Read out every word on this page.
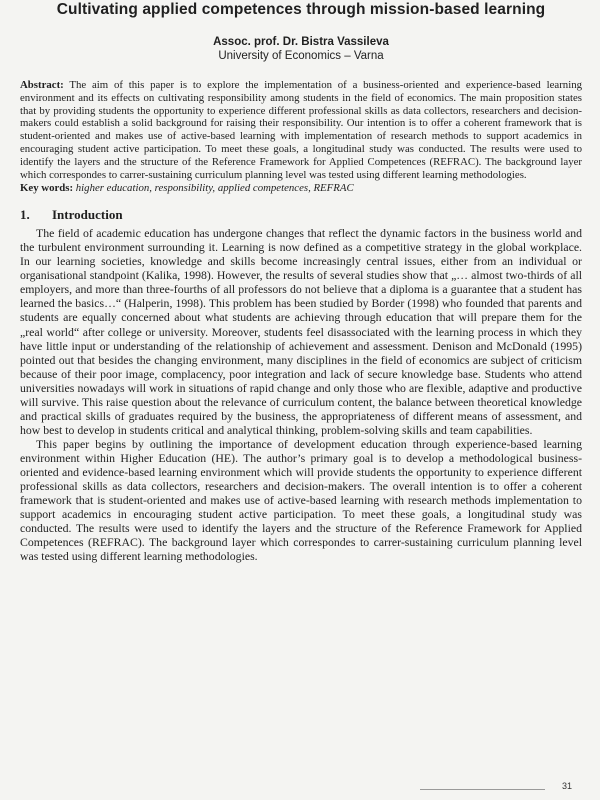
Cultivating applied competences through mission-based learning

Assoc. prof. Dr. Bistra Vassileva

University of Economics – Varna

Abstract: The aim of this paper is to explore the implementation of a business-oriented and experience-based learning environment and its effects on cultivating responsibility among students in the field of economics. The main proposition states that by providing students the opportunity to experience different professional skills as data collectors, researchers and decision-makers could establish a solid background for raising their responsibility. Our intention is to offer a coherent framework that is student-oriented and makes use of active-based learning with implementation of research methods to support academics in encouraging student active participation. To meet these goals, a longitudinal study was conducted. The results were used to identify the layers and the structure of the Reference Framework for Applied Competences (REFRAC). The background layer which correspondes to carrer-sustaining curriculum planning level was tested using different learning methodologies.

Key words: higher education, responsibility, applied competences, REFRAC

1. Introduction

The field of academic education has undergone changes that reflect the dynamic factors in the business world and the turbulent environment surrounding it. Learning is now defined as a competitive strategy in the global workplace. In our learning societies, knowledge and skills become increasingly central issues, either from an individual or organisational standpoint (Kalika, 1998). However, the results of several studies show that „… almost two-thirds of all employers, and more than three-fourths of all professors do not believe that a diploma is a guarantee that a student has learned the basics…“ (Halperin, 1998). This problem has been studied by Border (1998) who founded that parents and students are equally concerned about what students are achieving through education that will prepare them for the „real world“ after college or university. Moreover, students feel disassociated with the learning process in which they have little input or understanding of the relationship of achievement and assessment. Denison and McDonald (1995) pointed out that besides the changing environment, many disciplines in the field of economics are subject of criticism because of their poor image, complacency, poor integration and lack of secure knowledge base. Students who attend universities nowadays will work in situations of rapid change and only those who are flexible, adaptive and productive will survive. This raise question about the relevance of curriculum content, the balance between theoretical knowledge and practical skills of graduates required by the business, the appropriateness of different means of assessment, and how best to develop in students critical and analytical thinking, problem-solving skills and team capabilities.

This paper begins by outlining the importance of development education through experience-based learning environment within Higher Education (HE). The author’s primary goal is to develop a methodological business-oriented and evidence-based learning environment which will provide students the opportunity to experience different professional skills as data collectors, researchers and decision-makers. The overall intention is to offer a coherent framework that is student-oriented and makes use of active-based learning with research methods implementation to support academics in encouraging student active participation. To meet these goals, a longitudinal study was conducted. The results were used to identify the layers and the structure of the Reference Framework for Applied Competences (REFRAC). The background layer which correspondes to carrer-sustaining curriculum planning level was tested using different learning methodologies.

31
